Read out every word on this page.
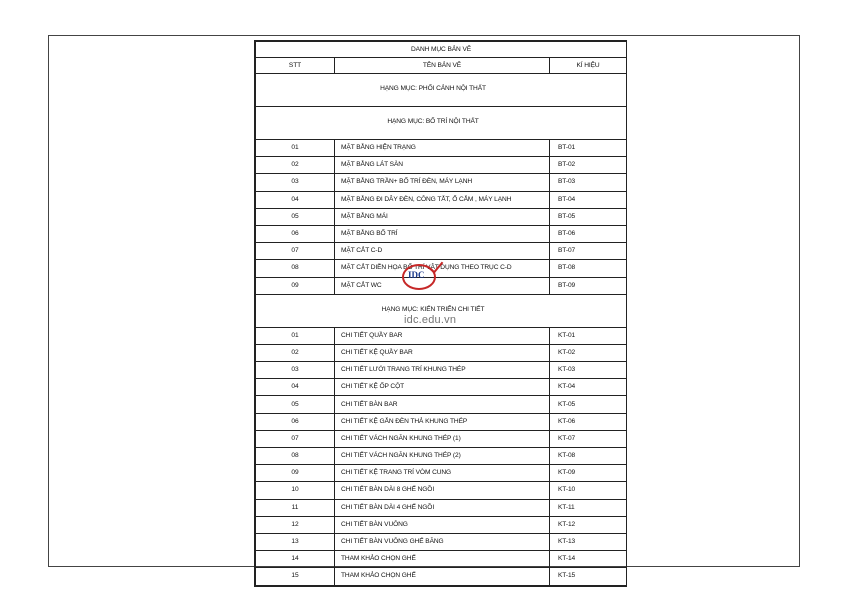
DANH MỤC BẢN VẼ		
STT	TÊN BẢN VẼ	KÍ HIỆU
HẠNG MỤC: PHỐI CẢNH NỘI THẤT		
HẠNG MỤC: BỐ TRÍ NỘI THẤT		
01	MẶT BẰNG HIỆN TRẠNG	BT-01
02	MẶT BẰNG LÁT SÀN	BT-02
03	MẶT BẰNG TRẦN+ BỐ TRÍ ĐÈN, MÁY LẠNH	BT-03
04	MẶT BẰNG ĐI DÂY ĐÈN, CÔNG TẮT, Ổ CẮM , MÁY LẠNH	BT-04
05	MẶT BẰNG MÁI	BT-05
06	MẶT BẰNG BỐ TRÍ	BT-06
07	MẶT CẮT C-D	BT-07
08	MẶT CẮT DIỄN HỌA BỐ TRÍ VẬT DỤNG THEO TRỤC C-D	BT-08
09	MẶT CẮT WC	BT-09
HẠNG MỤC: KIẾN TRIỂN CHI TIẾT		
01	CHI TIẾT QUẦY BAR	KT-01
02	CHI TIẾT KỆ QUẦY BAR	KT-02
03	CHI TIẾT LƯỚI TRANG TRÍ KHUNG THÉP	KT-03
04	CHI TIẾT KỆ ỐP CỘT	KT-04
05	CHI TIẾT BÀN BAR	KT-05
06	CHI TIẾT KỆ GẮN ĐÈN THẢ KHUNG THÉP	KT-06
07	CHI TIẾT VÁCH NGĂN KHUNG THÉP (1)	KT-07
08	CHI TIẾT VÁCH NGĂN KHUNG THÉP (2)	KT-08
09	CHI TIẾT KỆ TRANG TRÍ VÒM CUNG	KT-09
10	CHI TIẾT BÀN DÀI 8 GHẾ NGỒI	KT-10
11	CHI TIẾT BÀN DÀI 4 GHẾ NGỒI	KT-11
12	CHI TIẾT BÀN VUÔNG	KT-12
13	CHI TIẾT BÀN VUÔNG GHẾ BĂNG	KT-13
14	THAM KHẢO CHỌN GHẾ	KT-14
15	THAM KHẢO CHỌN GHẾ	KT-15
IDC
idc.edu.vn
